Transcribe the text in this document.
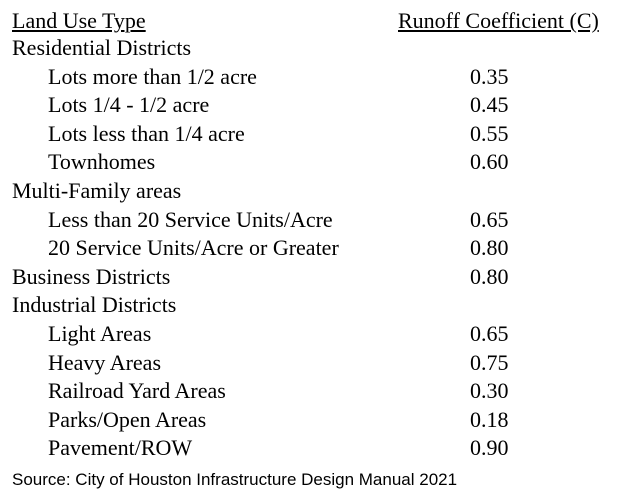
Land Use Type	Runoff Coefficient (C)
Residential Districts
Lots more than 1/2 acre	0.35
Lots 1/4 - 1/2 acre	0.45
Lots less than 1/4 acre	0.55
Townhomes	0.60
Multi-Family areas
Less than 20 Service Units/Acre	0.65
20 Service Units/Acre or Greater	0.80
Business Districts	0.80
Industrial Districts
Light Areas	0.65
Heavy Areas	0.75
Railroad Yard Areas	0.30
Parks/Open Areas	0.18
Pavement/ROW	0.90
Source: City of Houston Infrastructure Design Manual 2021
